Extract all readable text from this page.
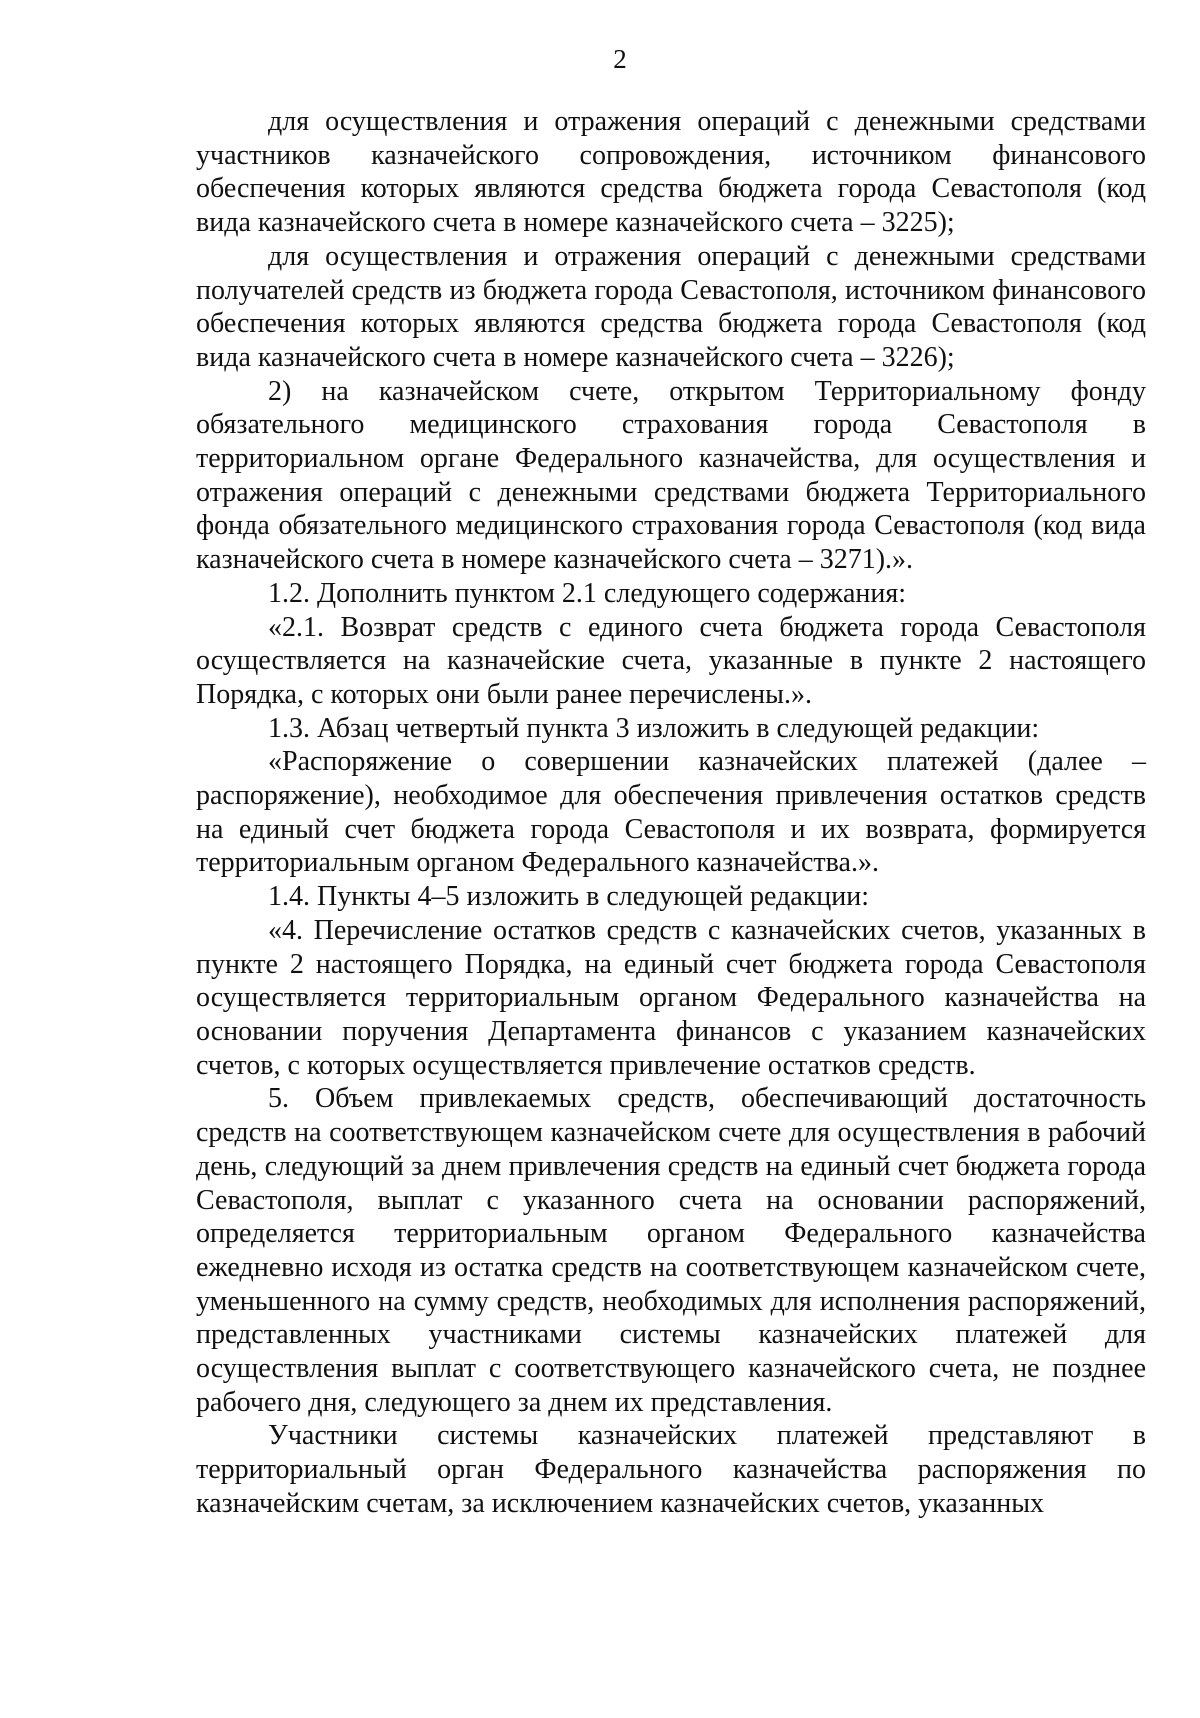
2

для осуществления и отражения операций с денежными средствами участников казначейского сопровождения, источником финансового обеспечения которых являются средства бюджета города Севастополя (код вида казначейского счета в номере казначейского счета – 3225);

для осуществления и отражения операций с денежными средствами получателей средств из бюджета города Севастополя, источником финансового обеспечения которых являются средства бюджета города Севастополя (код вида казначейского счета в номере казначейского счета – 3226);

2) на казначейском счете, открытом Территориальному фонду обязательного медицинского страхования города Севастополя в территориальном органе Федерального казначейства, для осуществления и отражения операций с денежными средствами бюджета Территориального фонда обязательного медицинского страхования города Севастополя (код вида казначейского счета в номере казначейского счета – 3271).».

1.2. Дополнить пунктом 2.1 следующего содержания:

«2.1. Возврат средств с единого счета бюджета города Севастополя осуществляется на казначейские счета, указанные в пункте 2 настоящего Порядка, с которых они были ранее перечислены.».

1.3. Абзац четвертый пункта 3 изложить в следующей редакции:

«Распоряжение о совершении казначейских платежей (далее – распоряжение), необходимое для обеспечения привлечения остатков средств на единый счет бюджета города Севастополя и их возврата, формируется территориальным органом Федерального казначейства.».

1.4. Пункты 4–5 изложить в следующей редакции:

«4. Перечисление остатков средств с казначейских счетов, указанных в пункте 2 настоящего Порядка, на единый счет бюджета города Севастополя осуществляется территориальным органом Федерального казначейства на основании поручения Департамента финансов с указанием казначейских счетов, с которых осуществляется привлечение остатков средств.

5. Объем привлекаемых средств, обеспечивающий достаточность средств на соответствующем казначейском счете для осуществления в рабочий день, следующий за днем привлечения средств на единый счет бюджета города Севастополя, выплат с указанного счета на основании распоряжений, определяется территориальным органом Федерального казначейства ежедневно исходя из остатка средств на соответствующем казначейском счете, уменьшенного на сумму средств, необходимых для исполнения распоряжений, представленных участниками системы казначейских платежей для осуществления выплат с соответствующего казначейского счета, не позднее рабочего дня, следующего за днем их представления.

Участники системы казначейских платежей представляют в территориальный орган Федерального казначейства распоряжения по казначейским счетам, за исключением казначейских счетов, указанных
